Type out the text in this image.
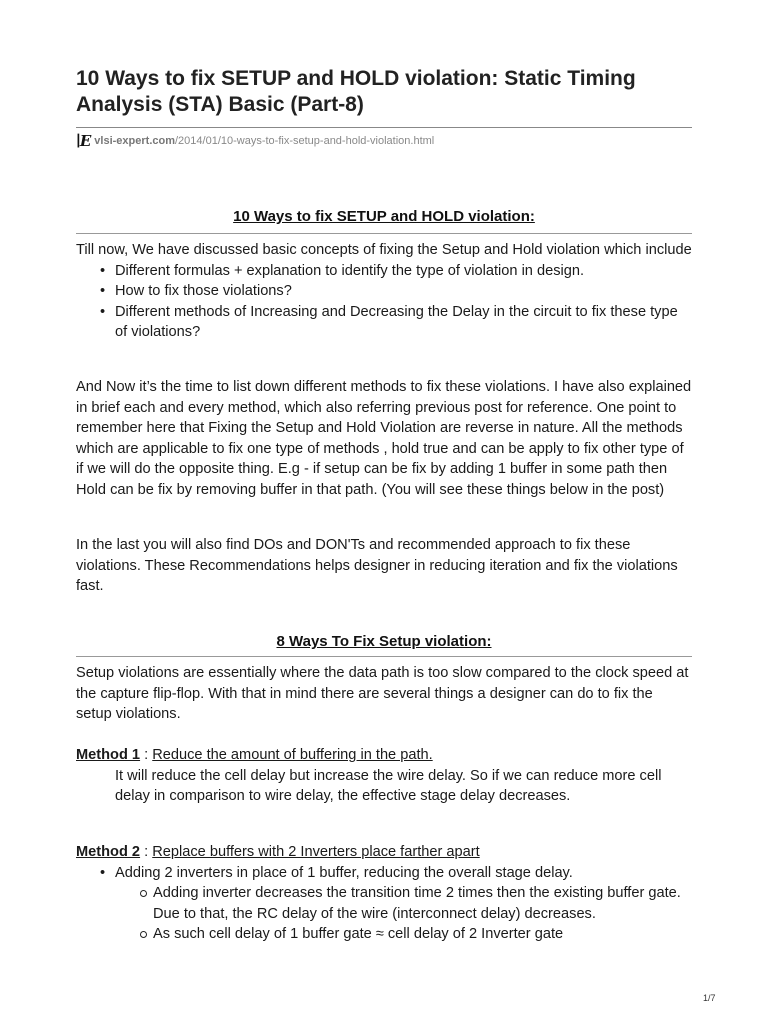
10 Ways to fix SETUP and HOLD violation: Static Timing Analysis (STA) Basic (Part-8)
∣E vlsi-expert.com /2014/01/10-ways-to-fix-setup-and-hold-violation.html
10 Ways to fix SETUP and HOLD violation:
Till now, We have discussed basic concepts of fixing the Setup and Hold violation which include
• Different formulas + explanation to identify the type of violation in design.
• How to fix those violations?
• Different methods of Increasing and Decreasing the Delay in the circuit to fix these type of violations?
And Now it’s the time to list down different methods to fix these violations. I have also explained in brief each and every method, which also referring previous post for reference. One point to remember here that Fixing the Setup and Hold Violation are reverse in nature. All the methods which are applicable to fix one type of methods , hold true and can be apply to fix other type of if we will do the opposite thing. E.g - if setup can be fix by adding 1 buffer in some path then Hold can be fix by removing buffer in that path. (You will see these things below in the post)
In the last you will also find DOs and DON'Ts and recommended approach to fix these violations. These Recommendations helps designer in reducing iteration and fix the violations fast.
8 Ways To Fix Setup violation:
Setup violations are essentially where the data path is too slow compared to the clock speed at the capture flip-flop. With that in mind there are several things a designer can do to fix the setup violations.
Method 1 : Reduce the amount of buffering in the path.
It will reduce the cell delay but increase the wire delay. So if we can reduce more cell delay in comparison to wire delay, the effective stage delay decreases.
Method 2 : Replace buffers with 2 Inverters place farther apart
• Adding 2 inverters in place of 1 buffer, reducing the overall stage delay.
Adding inverter decreases the transition time 2 times then the existing buffer gate. Due to that, the RC delay of the wire (interconnect delay) decreases.
As such cell delay of 1 buffer gate ≈ cell delay of 2 Inverter gate
1/7
